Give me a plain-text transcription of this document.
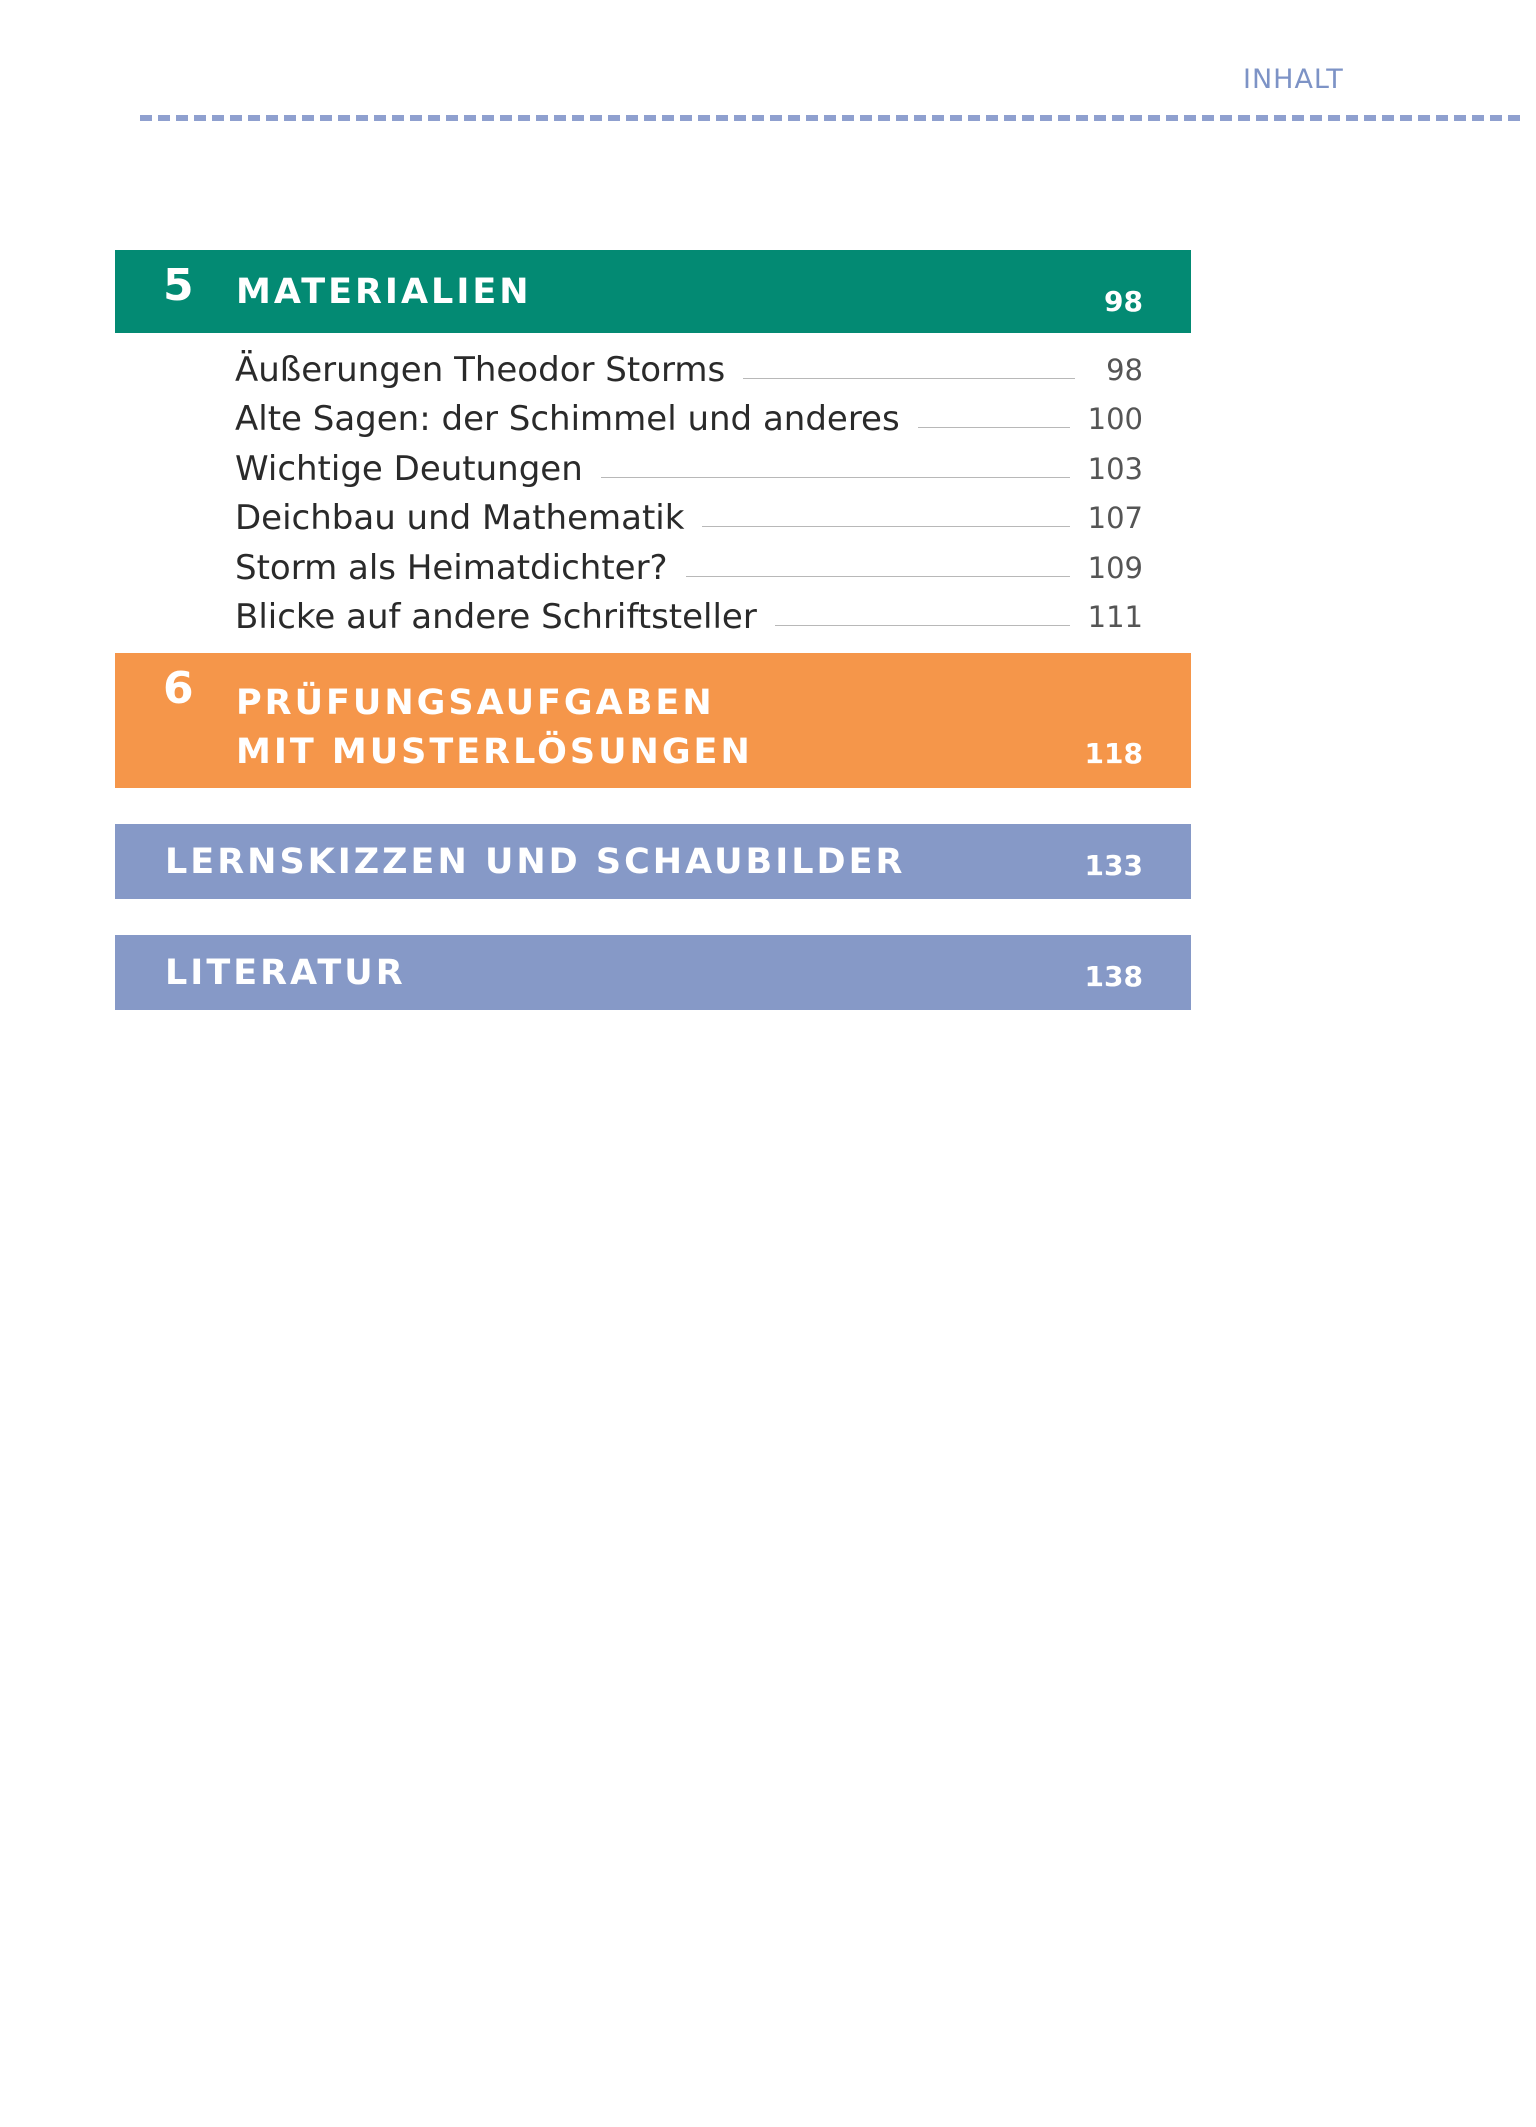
INHALT
5 MATERIALIEN	98
Äußerungen Theodor Storms	98
Alte Sagen: der Schimmel und anderes	100
Wichtige Deutungen	103
Deichbau und Mathematik	107
Storm als Heimatdichter?	109
Blicke auf andere Schriftsteller	111
6 PRÜFUNGSAUFGABEN
MIT MUSTERLÖSUNGEN	118
LERNSKIZZEN UND SCHAUBILDER	133
LITERATUR	138
